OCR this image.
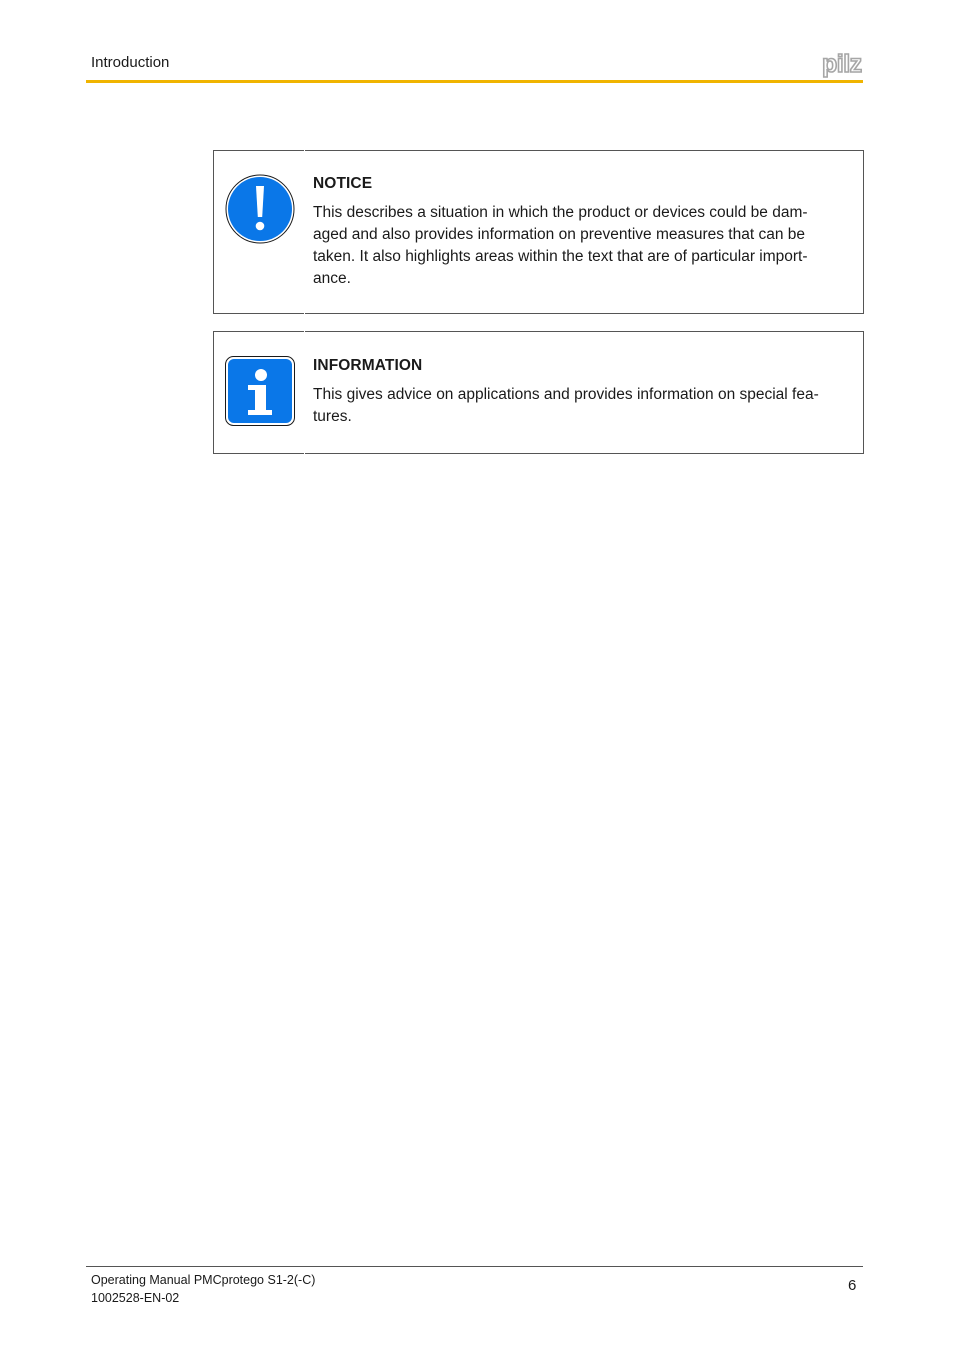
Introduction	pilz
NOTICE
This describes a situation in which the product or devices could be dam-
aged and also provides information on preventive measures that can be
taken. It also highlights areas within the text that are of particular import-
ance.
INFORMATION
This gives advice on applications and provides information on special fea-
tures.
Operating Manual PMCprotego S1-2(-C)
1002528-EN-02
6
